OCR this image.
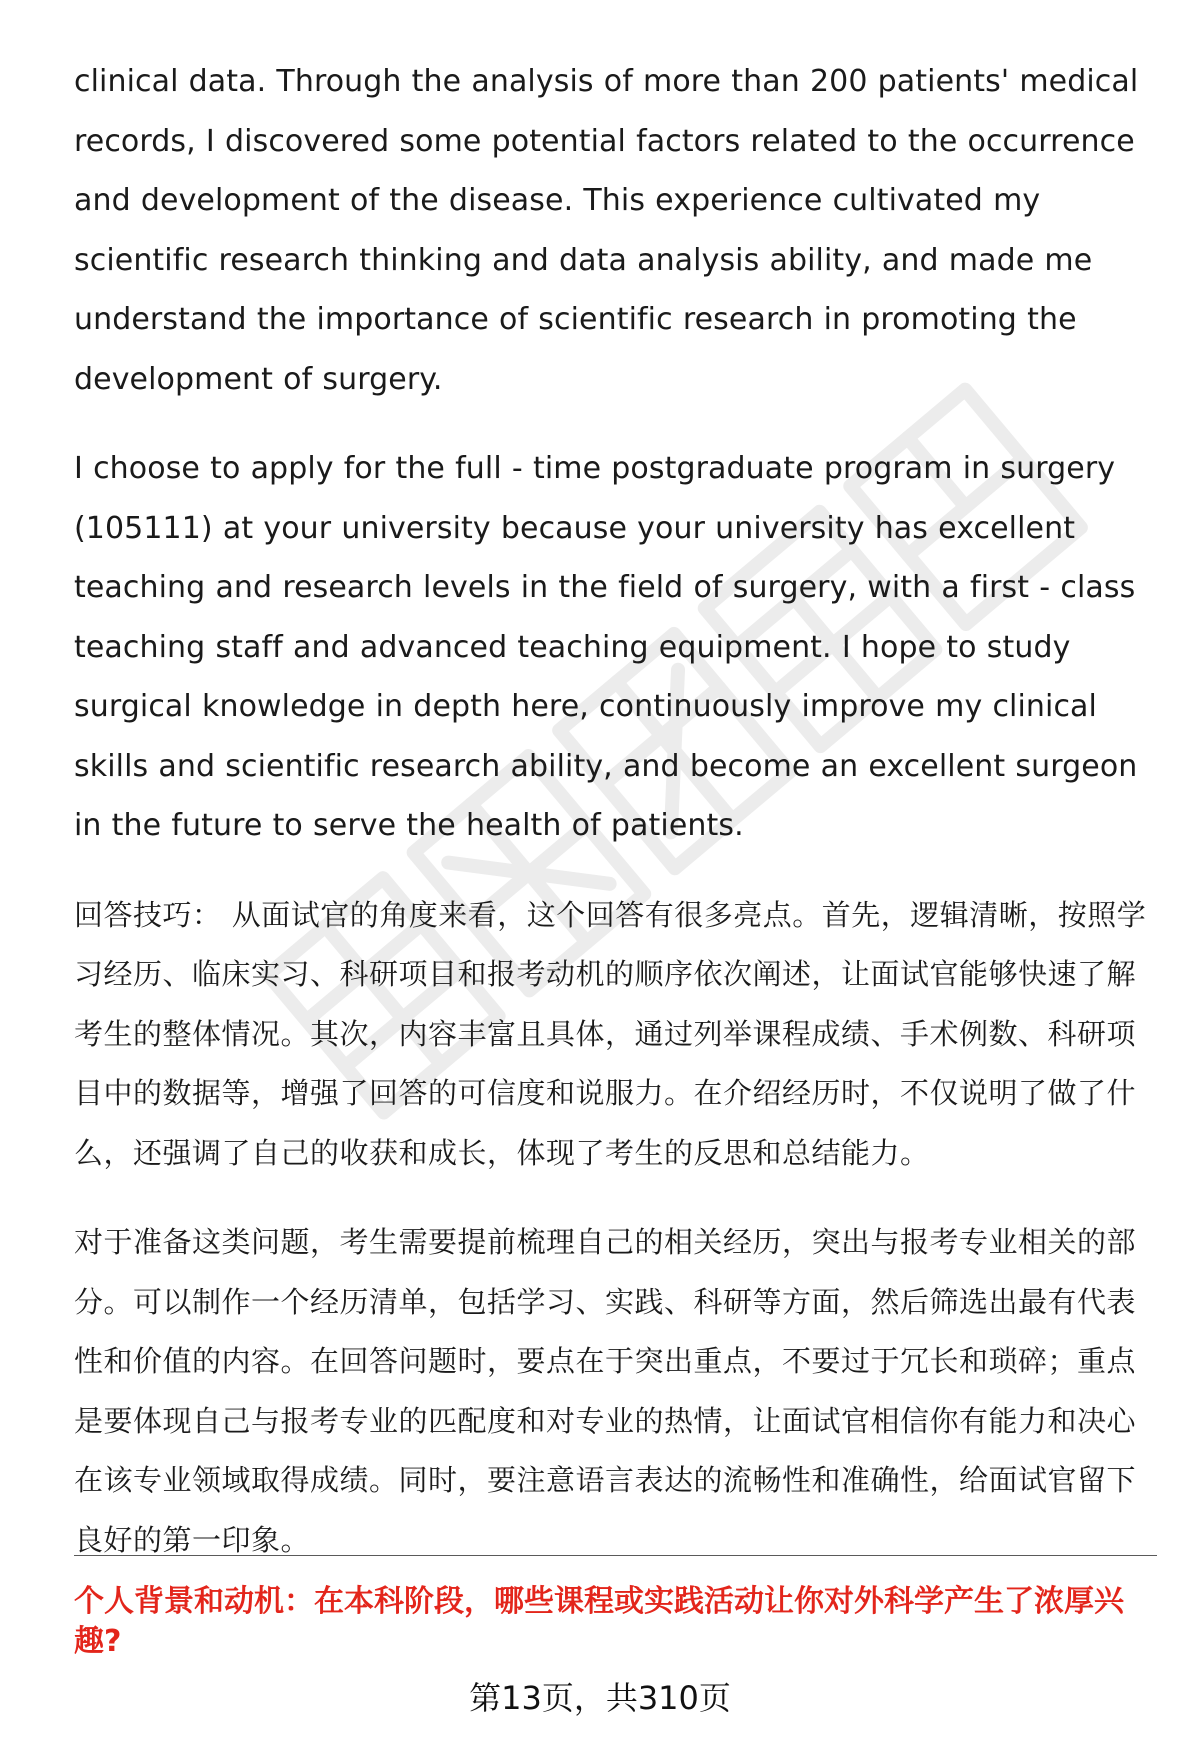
clinical data. Through the analysis of more than 200 patients' medical records, I discovered some potential factors related to the occurrence and development of the disease. This experience cultivated my scientific research thinking and data analysis ability, and made me understand the importance of scientific research in promoting the development of surgery.

I choose to apply for the full - time postgraduate program in surgery (105111) at your university because your university has excellent teaching and research levels in the field of surgery, with a first - class teaching staff and advanced teaching equipment. I hope to study surgical knowledge in depth here, continuously improve my clinical skills and scientific research ability, and become an excellent surgeon in the future to serve the health of patients.

回答技巧： 从面试官的角度来看，这个回答有很多亮点。首先，逻辑清晰，按照学习经历、临床实习、科研项目和报考动机的顺序依次阐述，让面试官能够快速了解考生的整体情况。其次，内容丰富且具体，通过列举课程成绩、手术例数、科研项目中的数据等，增强了回答的可信度和说服力。在介绍经历时，不仅说明了做了什么，还强调了自己的收获和成长，体现了考生的反思和总结能力。

对于准备这类问题，考生需要提前梳理自己的相关经历，突出与报考专业相关的部分。可以制作一个经历清单，包括学习、实践、科研等方面，然后筛选出最有代表性和价值的内容。在回答问题时，要点在于突出重点，不要过于冗长和琐碎；重点是要体现自己与报考专业的匹配度和对专业的热情，让面试官相信你有能力和决心在该专业领域取得成绩。同时，要注意语言表达的流畅性和准确性，给面试官留下良好的第一印象。

个人背景和动机：在本科阶段，哪些课程或实践活动让你对外科学产生了浓厚兴趣?
第13页，共310页
